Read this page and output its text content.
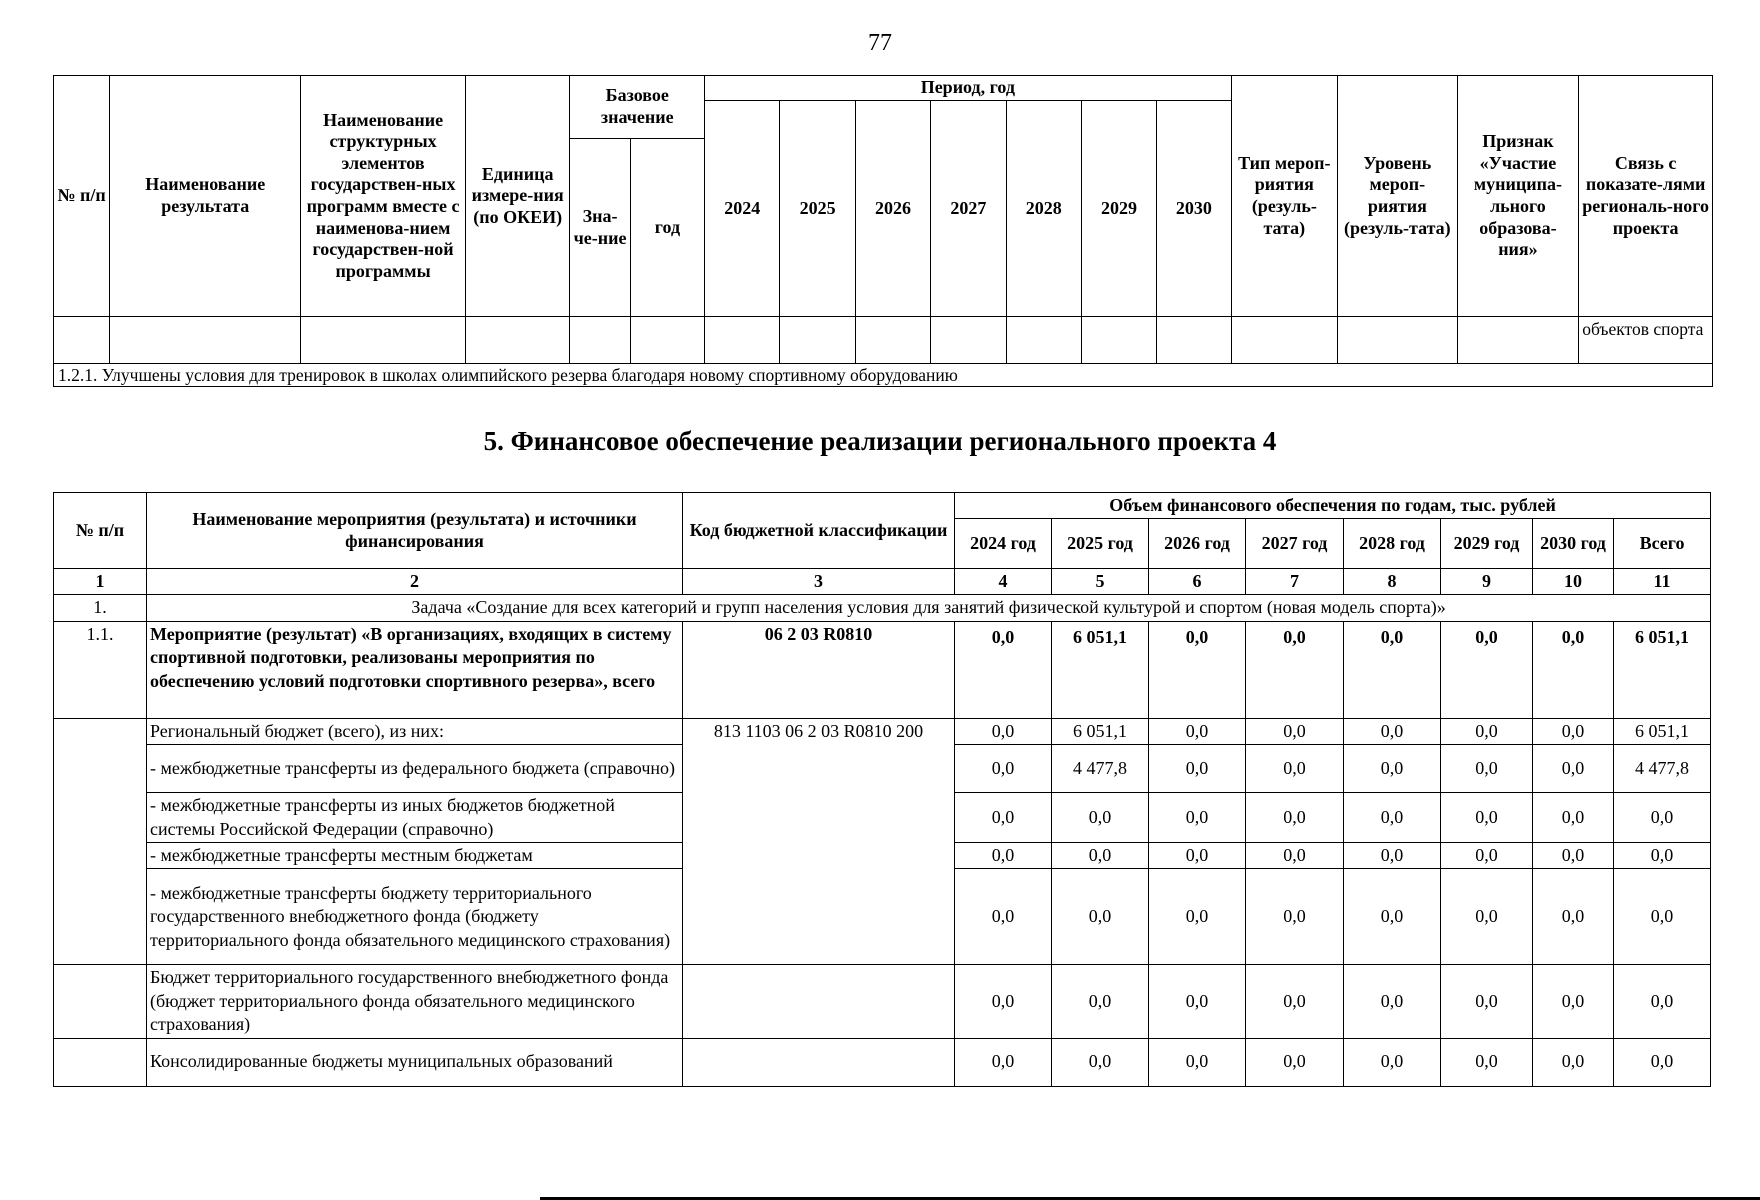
77
№ п/п	Наименование результата	Наименование структурных элементов государствен-ных программ вместе с наименова-нием государствен-ной программы	Единица измере-ния (по ОКЕИ)	Базовое значение		Период, год							Тип мероп-риятия (резуль-тата)	Уровень мероп-риятия (резуль-тата)	Признак «Участие муниципа-льного образова-ния»	Связь с показате-лями региональ-ного проекта
						2024	2025	2026	2027	2028	2029	2030				
				Зна-че-ние	год											
																объектов спорта
1.2.1. Улучшены условия для тренировок в школах олимпийского резерва благодаря новому спортивному оборудованию																
5. Финансовое обеспечение реализации регионального проекта 4
№ п/п	Наименование мероприятия (результата) и источники финансирования	Код бюджетной классификации	Объем финансового обеспечения по годам, тыс. рублей							
			2024 год	2025 год	2026 год	2027 год	2028 год	2029 год	2030 год	Всего
1	2	3	4	5	6	7	8	9	10	11
1.	Задача «Создание для всех категорий и групп населения условия для занятий физической культурой и спортом (новая модель спорта)»									
1.1.	Мероприятие (результат) «В организациях, входящих в систему спортивной подготовки, реализованы мероприятия по обеспечению условий подготовки спортивного резерва», всего	06 2 03 R0810	0,0	6 051,1	0,0	0,0	0,0	0,0	0,0	6 051,1
	Региональный бюджет (всего), из них:	813 1103 06 2 03 R0810 200	0,0	6 051,1	0,0	0,0	0,0	0,0	0,0	6 051,1
	- межбюджетные трансферты из федерального бюджета (справочно)		0,0	4 477,8	0,0	0,0	0,0	0,0	0,0	4 477,8
	- межбюджетные трансферты из иных бюджетов бюджетной системы Российской Федерации (справочно)		0,0	0,0	0,0	0,0	0,0	0,0	0,0	0,0
	- межбюджетные трансферты местным бюджетам		0,0	0,0	0,0	0,0	0,0	0,0	0,0	0,0
	- межбюджетные трансферты бюджету территориального государственного внебюджетного фонда (бюджету территориального фонда обязательного медицинского страхования)		0,0	0,0	0,0	0,0	0,0	0,0	0,0	0,0
	Бюджет территориального государственного внебюджетного фонда (бюджет территориального фонда обязательного медицинского страхования)		0,0	0,0	0,0	0,0	0,0	0,0	0,0	0,0
	Консолидированные бюджеты муниципальных образований		0,0	0,0	0,0	0,0	0,0	0,0	0,0	0,0
